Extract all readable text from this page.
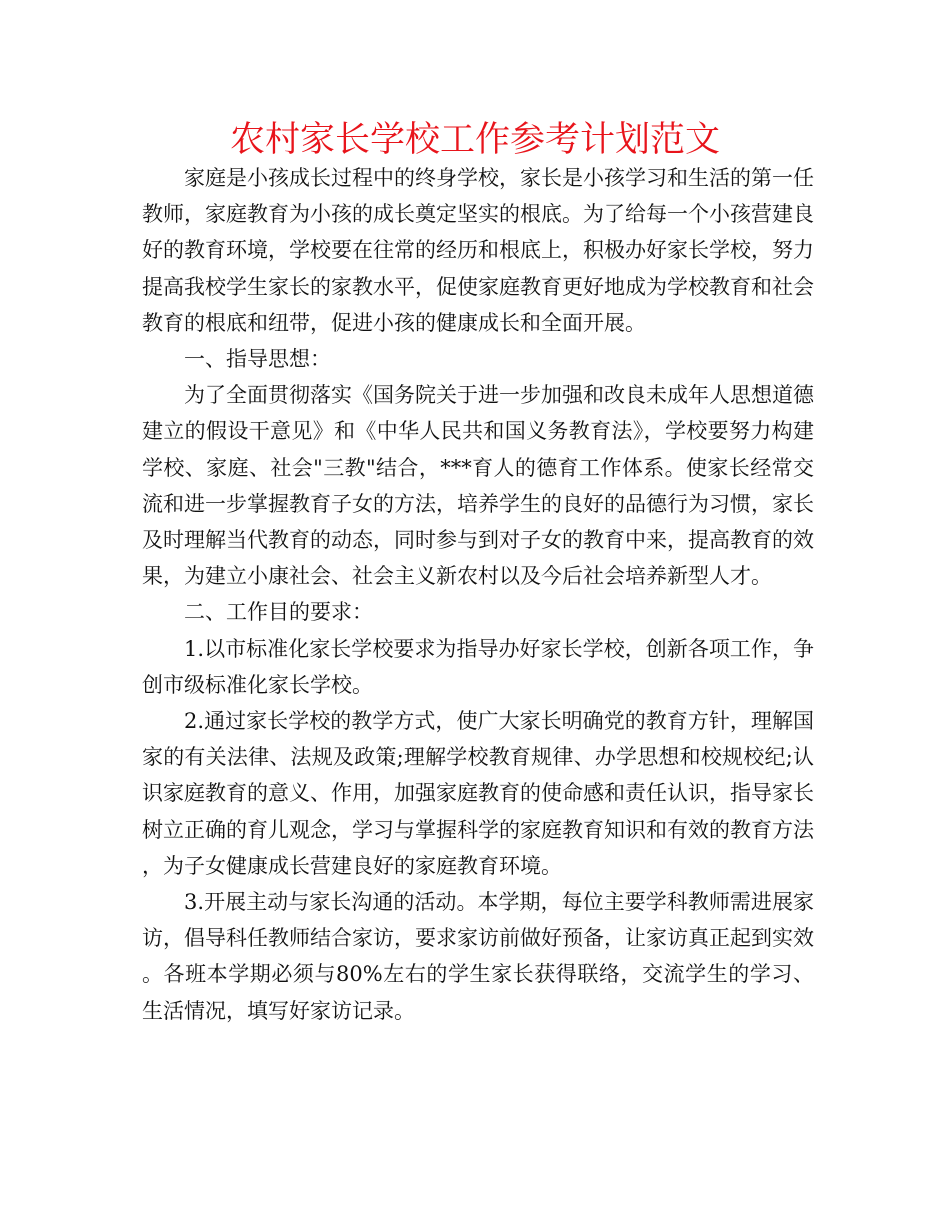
农村家长学校工作参考计划范文

家庭是小孩成长过程中的终身学校，家长是小孩学习和生活的第一任教师，家庭教育为小孩的成长奠定坚实的根底。为了给每一个小孩营建良好的教育环境，学校要在往常的经历和根底上，积极办好家长学校，努力提高我校学生家长的家教水平，促使家庭教育更好地成为学校教育和社会教育的根底和纽带，促进小孩的健康成长和全面开展。

一、指导思想：

为了全面贯彻落实《国务院关于进一步加强和改良未成年人思想道德建立的假设干意见》和《中华人民共和国义务教育法》，学校要努力构建学校、家庭、社会"三教"结合，***育人的德育工作体系。使家长经常交流和进一步掌握教育子女的方法，培养学生的良好的品德行为习惯，家长及时理解当代教育的动态，同时参与到对子女的教育中来，提高教育的效果，为建立小康社会、社会主义新农村以及今后社会培养新型人才。

二、工作目的要求：

1.以市标准化家长学校要求为指导办好家长学校，创新各项工作，争创市级标准化家长学校。

2.通过家长学校的教学方式，使广大家长明确党的教育方针，理解国家的有关法律、法规及政策;理解学校教育规律、办学思想和校规校纪;认识家庭教育的意义、作用，加强家庭教育的使命感和责任认识，指导家长树立正确的育儿观念，学习与掌握科学的家庭教育知识和有效的教育方法，为子女健康成长营建良好的家庭教育环境。

3.开展主动与家长沟通的活动。本学期，每位主要学科教师需进展家访，倡导科任教师结合家访，要求家访前做好预备，让家访真正起到实效。各班本学期必须与80%左右的学生家长获得联络，交流学生的学习、生活情况，填写好家访记录。
